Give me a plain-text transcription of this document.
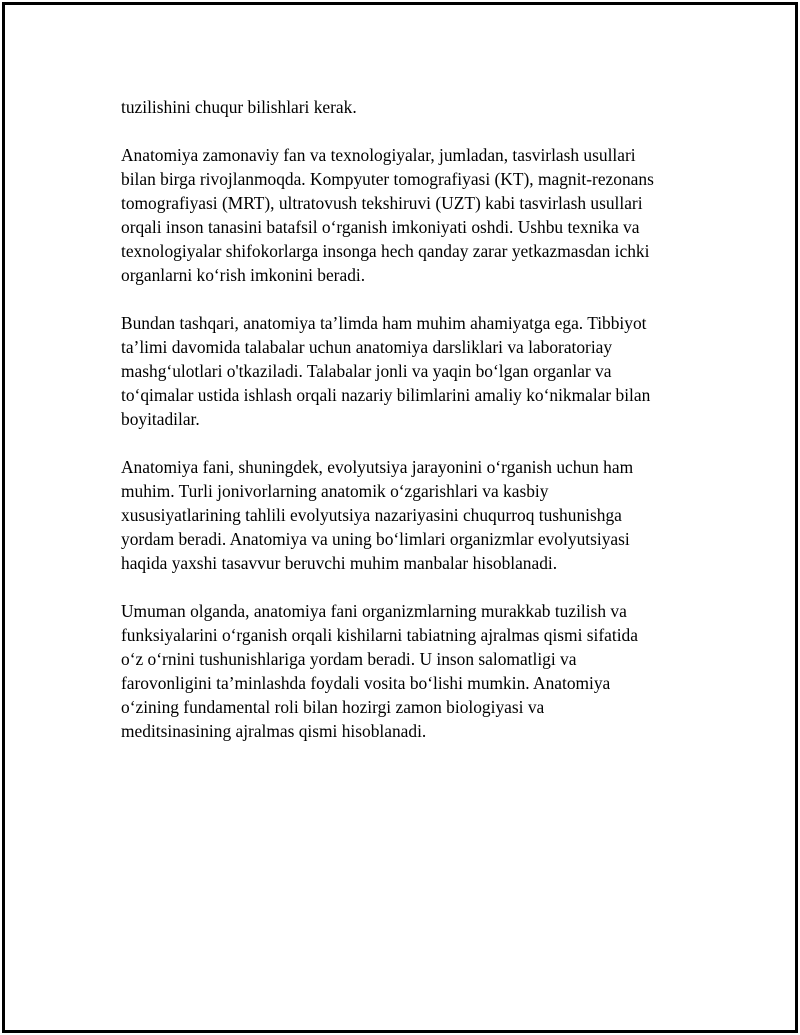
tuzilishini chuqur bilishlari kerak.

Anatomiya zamonaviy fan va texnologiyalar, jumladan, tasvirlash usullari
bilan birga rivojlanmoqda. Kompyuter tomografiyasi (KT), magnit-rezonans
tomografiyasi (MRT), ultratovush tekshiruvi (UZT) kabi tasvirlash usullari
orqali inson tanasini batafsil o‘rganish imkoniyati oshdi. Ushbu texnika va
texnologiyalar shifokorlarga insonga hech qanday zarar yetkazmasdan ichki
organlarni ko‘rish imkonini beradi.

Bundan tashqari, anatomiya ta’limda ham muhim ahamiyatga ega. Tibbiyot
ta’limi davomida talabalar uchun anatomiya darsliklari va laboratoriay
mashg‘ulotlari o'tkaziladi. Talabalar jonli va yaqin bo‘lgan organlar va
to‘qimalar ustida ishlash orqali nazariy bilimlarini amaliy ko‘nikmalar bilan
boyitadilar.

Anatomiya fani, shuningdek, evolyutsiya jarayonini o‘rganish uchun ham
muhim. Turli jonivorlarning anatomik o‘zgarishlari va kasbiy
xususiyatlarining tahlili evolyutsiya nazariyasini chuqurroq tushunishga
yordam beradi. Anatomiya va uning bo‘limlari organizmlar evolyutsiyasi
haqida yaxshi tasavvur beruvchi muhim manbalar hisoblanadi.

Umuman olganda, anatomiya fani organizmlarning murakkab tuzilish va
funksiyalarini o‘rganish orqali kishilarni tabiatning ajralmas qismi sifatida
o‘z o‘rnini tushunishlariga yordam beradi. U inson salomatligi va
farovonligini ta’minlashda foydali vosita bo‘lishi mumkin. Anatomiya
o‘zining fundamental roli bilan hozirgi zamon biologiyasi va
meditsinasining ajralmas qismi hisoblanadi.
